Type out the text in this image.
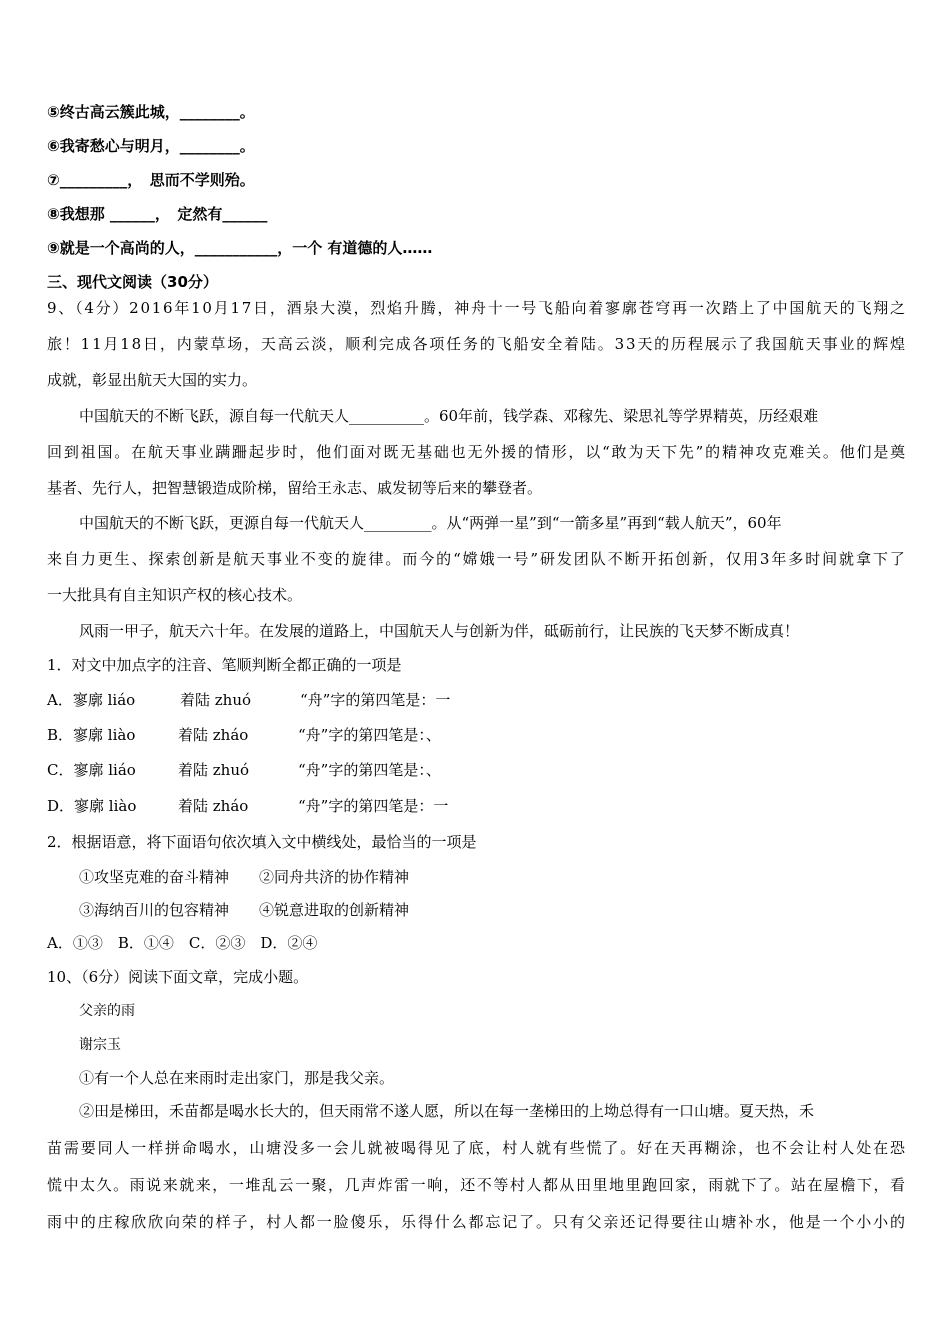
⑤终古高云簇此城，________。
⑥我寄愁心与明月，________。
⑦_________，　思而不学则殆。
⑧我想那 ______，　定然有______
⑨就是一个高尚的人，___________，一个 有道德的人……
三、现代文阅读（30分）
9、（4分）2016年10月17日，酒泉大漠，烈焰升腾，神舟十一号飞船向着寥廓苍穹再一次踏上了中国航天的飞翔之
旅！11月18日，内蒙草场，天高云淡，顺利完成各项任务的飞船安全着陆。33天的历程展示了我国航天事业的辉煌
成就，彰显出航天大国的实力。
中国航天的不断飞跃，源自每一代航天人__________。60年前，钱学森、邓稼先、梁思礼等学界精英，历经艰难
回到祖国。在航天事业蹒跚起步时，他们面对既无基础也无外援的情形，以“敢为天下先”的精神攻克难关。他们是奠
基者、先行人，把智慧锻造成阶梯，留给王永志、戚发韧等后来的攀登者。
中国航天的不断飞跃，更源自每一代航天人_________。从“两弹一星”到“一箭多星”再到“载人航天”，60年
来自力更生、探索创新是航天事业不变的旋律。而今的“嫦娥一号”研发团队不断开拓创新，仅用3年多时间就拿下了
一大批具有自主知识产权的核心技术。
风雨一甲子，航天六十年。在发展的道路上，中国航天人与创新为伴，砥砺前行，让民族的飞天梦不断成真！
1．对文中加点字的注音、笔顺判断全都正确的一项是
A．寥廓 liáo	着陆 zhuó	“舟”字的第四笔是：一
B．寥廓 liào	着陆 zháo	“舟”字的第四笔是：、
C．寥廓 liáo	着陆 zhuó	“舟”字的第四笔是：、
D．寥廓 liào	着陆 zháo	“舟”字的第四笔是：一
2．根据语意，将下面语句依次填入文中横线处，最恰当的一项是
①攻坚克难的奋斗精神　　②同舟共济的协作精神
③海纳百川的包容精神　　④锐意进取的创新精神
A．①③　B．①④　C．②③　D．②④
10、（6分）阅读下面文章，完成小题。
父亲的雨
谢宗玉
①有一个人总在来雨时走出家门，那是我父亲。
②田是梯田，禾苗都是喝水长大的，但天雨常不遂人愿，所以在每一垄梯田的上坳总得有一口山塘。夏天热，禾
苗需要同人一样拼命喝水，山塘没多一会儿就被喝得见了底，村人就有些慌了。好在天再糊涂，也不会让村人处在恐
慌中太久。雨说来就来，一堆乱云一聚，几声炸雷一响，还不等村人都从田里地里跑回家，雨就下了。站在屋檐下，看
雨中的庄稼欣欣向荣的样子，村人都一脸傻乐，乐得什么都忘记了。只有父亲还记得要往山塘补水，他是一个小小的
